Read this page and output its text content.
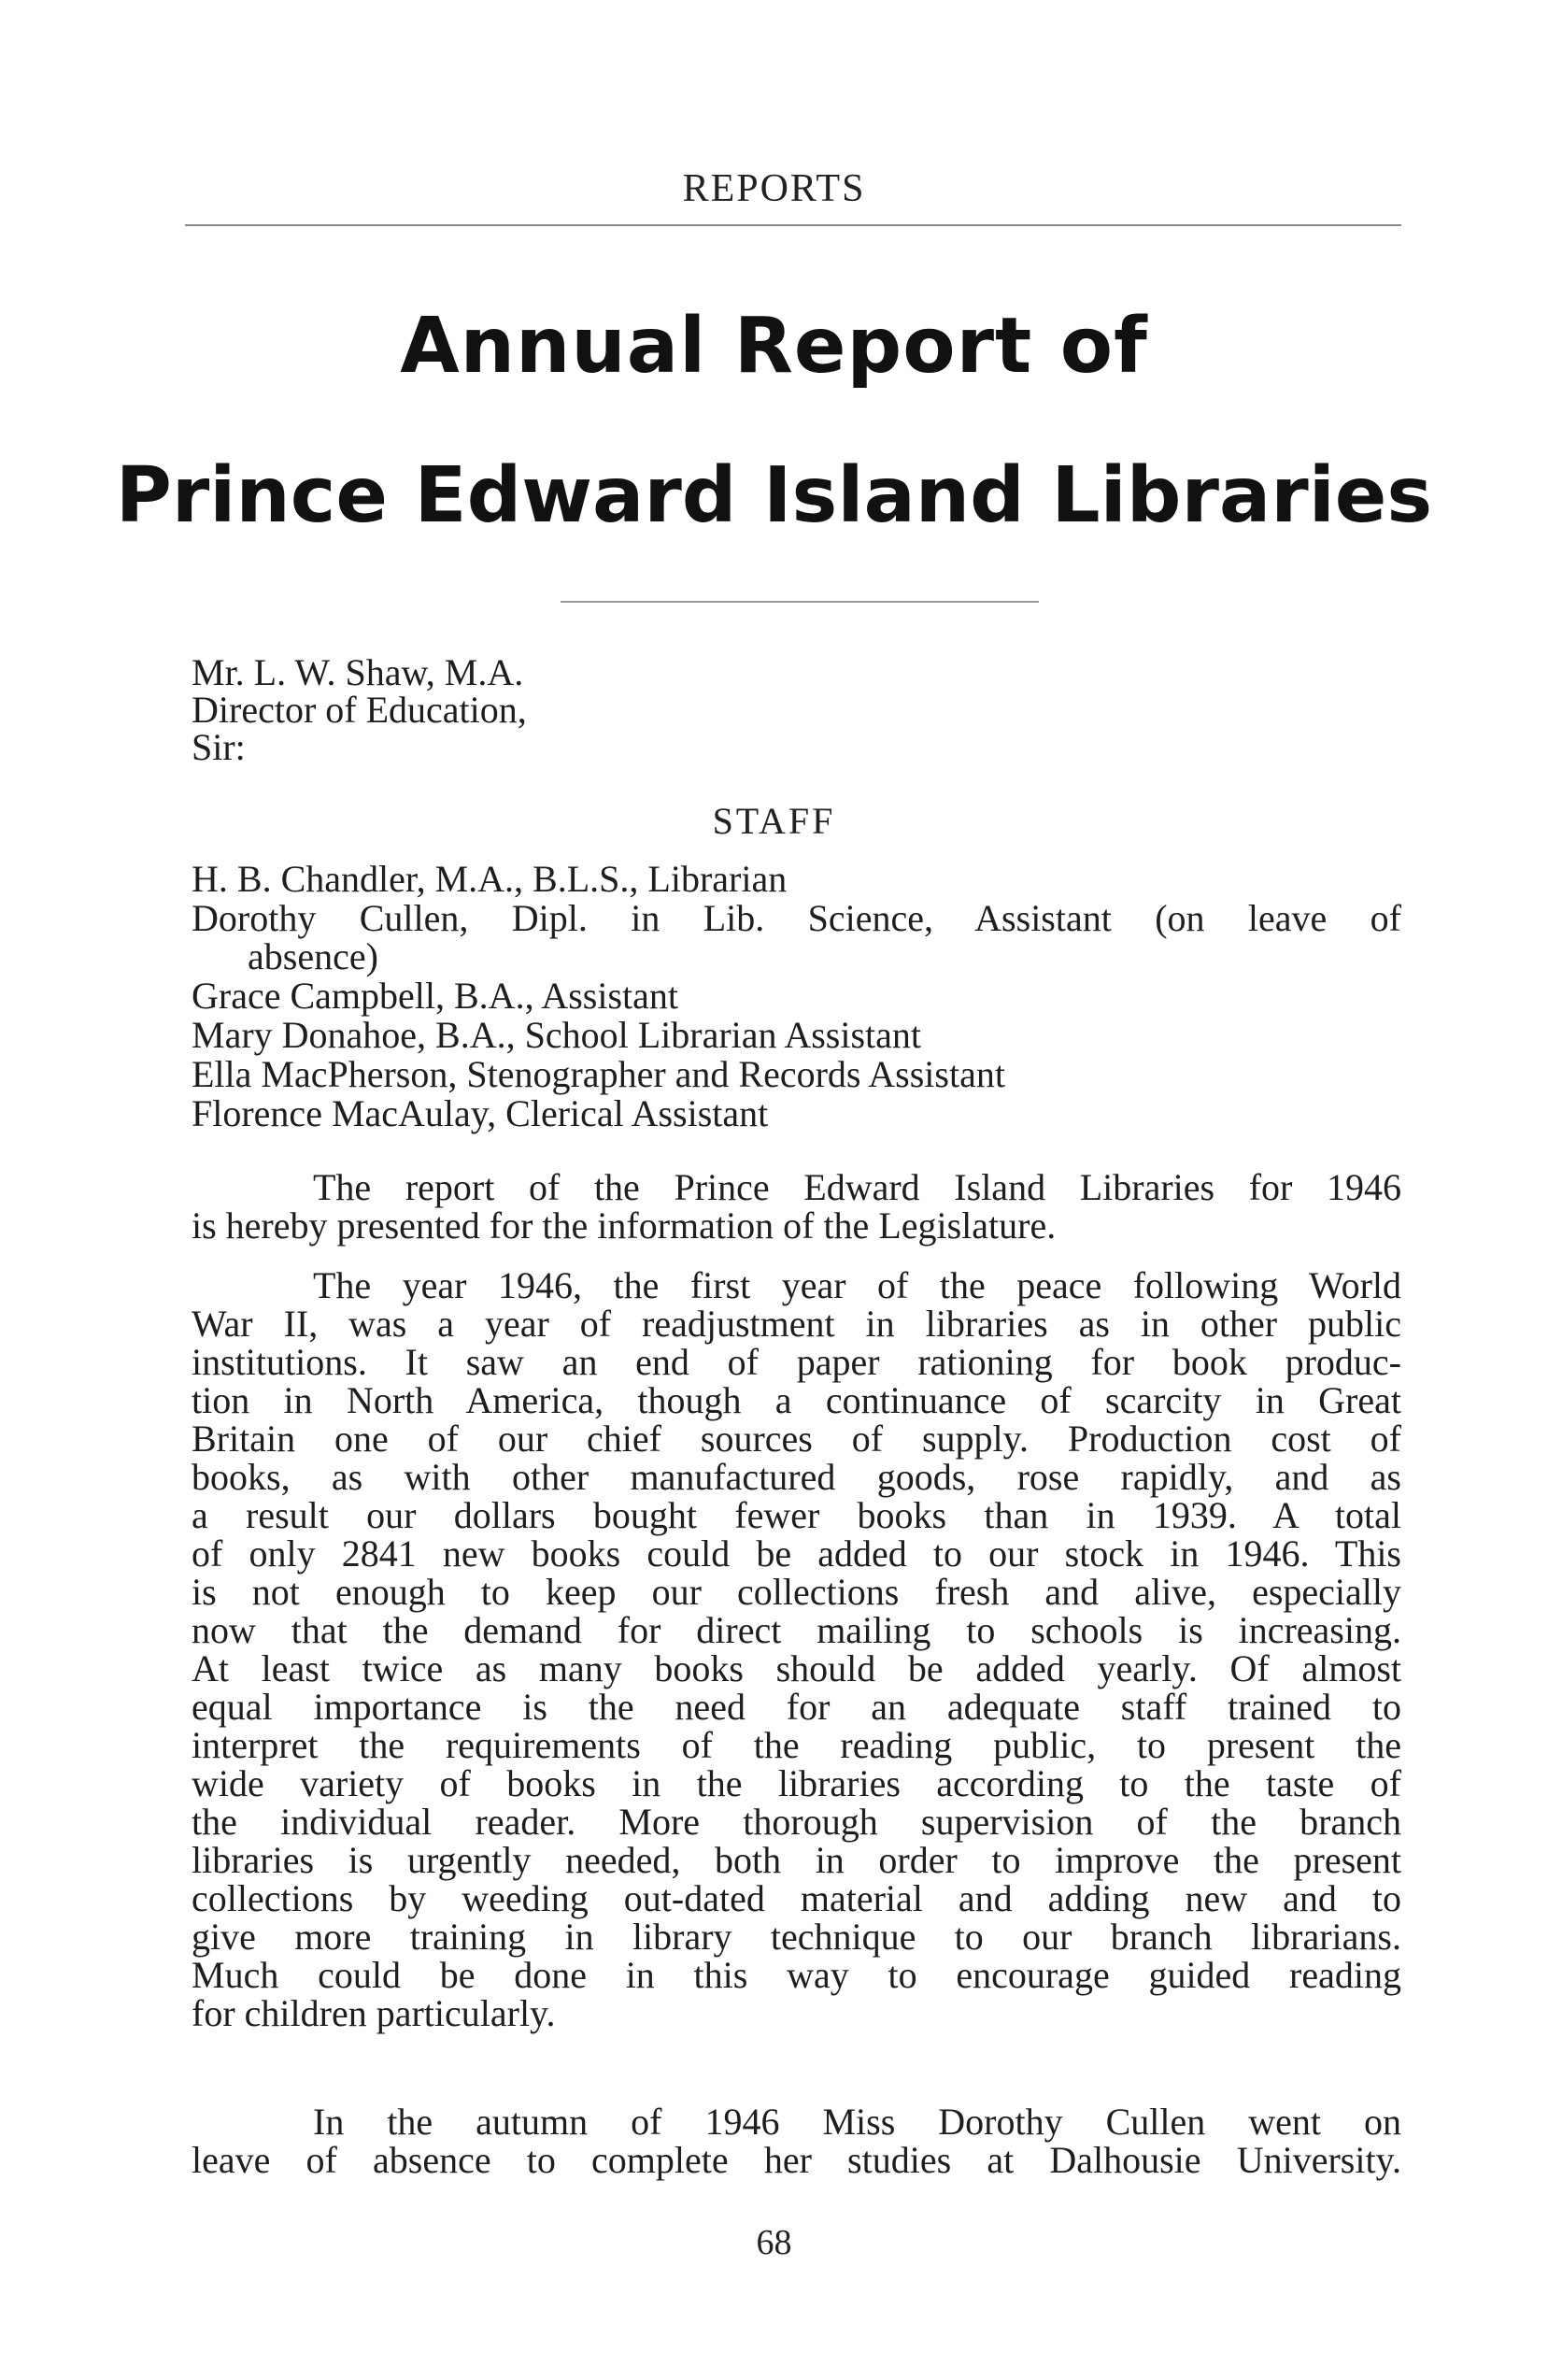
REPORTS
Annual Report of
Prince Edward Island Libraries
Mr. L. W. Shaw, M.A.
Director of Education,
Sir:
STAFF
H. B. Chandler, M.A., B.L.S., Librarian
Dorothy Cullen, Dipl. in Lib. Science, Assistant (on leave of
absence)
Grace Campbell, B.A., Assistant
Mary Donahoe, B.A., School Librarian Assistant
Ella MacPherson, Stenographer and Records Assistant
Florence MacAulay, Clerical Assistant
The report of the Prince Edward Island Libraries for 1946
is hereby presented for the information of the Legislature.
The year 1946, the first year of the peace following World
War II, was a year of readjustment in libraries as in other public
institutions. It saw an end of paper rationing for book produc-
tion in North America, though a continuance of scarcity in Great
Britain one of our chief sources of supply. Production cost of
books, as with other manufactured goods, rose rapidly, and as
a result our dollars bought fewer books than in 1939. A total
of only 2841 new books could be added to our stock in 1946. This
is not enough to keep our collections fresh and alive, especially
now that the demand for direct mailing to schools is increasing.
At least twice as many books should be added yearly. Of almost
equal importance is the need for an adequate staff trained to
interpret the requirements of the reading public, to present the
wide variety of books in the libraries according to the taste of
the individual reader. More thorough supervision of the branch
libraries is urgently needed, both in order to improve the present
collections by weeding out-dated material and adding new and to
give more training in library technique to our branch librarians.
Much could be done in this way to encourage guided reading
for children particularly.
In the autumn of 1946 Miss Dorothy Cullen went on
leave of absence to complete her studies at Dalhousie University.
68
